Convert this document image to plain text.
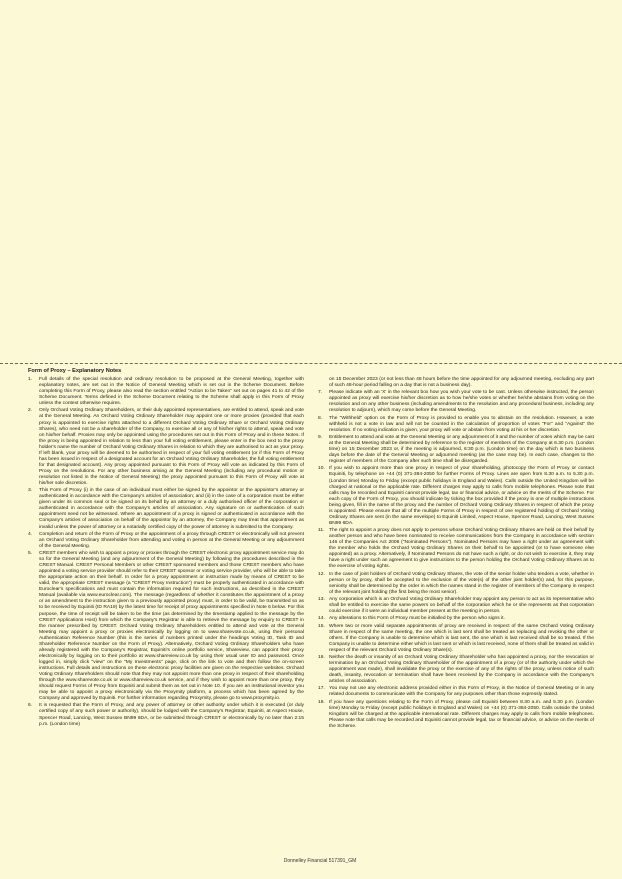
Form of Proxy – Explanatory Notes
1.	Full details of the special resolution and ordinary resolution to be proposed at the General Meeting, together with explanatory notes, are set out in the Notice of General Meeting which is set out in the Scheme Document. Before completing this Form of Proxy, please also read the section entitled "Action to be Taken" set out on pages 41 to 42 of the Scheme Document. Terms defined in the Scheme Document relating to the Scheme shall apply in this Form of Proxy unless the context otherwise requires.
2.	Only Orchard Voting Ordinary Shareholders, or their duly appointed representatives, are entitled to attend, speak and vote at the General Meeting. An Orchard Voting Ordinary Shareholder may appoint one or more proxies (provided that each proxy is appointed to exercise rights attached to a different Orchard Voting Ordinary Share or Orchard Voting Ordinary Shares), who need not be a shareholder of the Company, to exercise all or any of his/her rights to attend, speak and vote on his/her behalf. Proxies may only be appointed using the procedures set out in this Form of Proxy and in these Notes. If the proxy is being appointed in relation to less than your full voting entitlement, please enter in the box next to the proxy holder's name the number of Orchard Voting Ordinary Shares in relation to which they are authorised to act as your proxy. If left blank, your proxy will be deemed to be authorised in respect of your full voting entitlement (or if this Form of Proxy has been issued in respect of a designated account for an Orchard Voting Ordinary Shareholder, the full voting entitlement for that designated account). Any proxy appointed pursuant to this Form of Proxy will vote as indicated by this Form of Proxy on the resolutions. For any other business arising at the General Meeting (including any procedural motion or resolution not listed in the Notice of General Meeting) the proxy appointed pursuant to this Form of Proxy will vote at his/her sole discretion.
3.	This Form of Proxy (i) in the case of an individual must either be signed by the appointor or the appointor's attorney or authenticated in accordance with the Company's articles of association; and (ii) in the case of a corporation must be either given under its common seal or be signed on its behalf by an attorney or a duly authorised officer of the corporation or authenticated in accordance with the Company's articles of association. Any signature on or authentication of such appointment need not be witnessed. Where an appointment of a proxy is signed or authenticated in accordance with the Company's articles of association on behalf of the appointor by an attorney, the Company may treat that appointment as invalid unless the power of attorney or a notarially certified copy of the power of attorney is submitted to the Company.
4.	Completion and return of the Form of Proxy or the appointment of a proxy through CREST or electronically will not prevent an Orchard Voting Ordinary Shareholder from attending and voting in person at the General Meeting or any adjournment of the General Meeting.
5.	CREST members who wish to appoint a proxy or proxies through the CREST electronic proxy appointment service may do so for the General Meeting (and any adjournment of the General Meeting) by following the procedures described in the CREST Manual. CREST Personal Members or other CREST sponsored members and those CREST members who have appointed a voting service provider should refer to their CREST sponsor or voting service provider, who will be able to take the appropriate action on their behalf. In order for a proxy appointment or instruction made by means of CREST to be valid, the appropriate CREST message (a "CREST Proxy Instruction") must be properly authenticated in accordance with Euroclear's specifications and must contain the information required for such instructions, as described in the CREST Manual (available via www.euroclear.com). The message (regardless of whether it constitutes the appointment of a proxy or an amendment to the instruction given to a previously appointed proxy) must, in order to be valid, be transmitted so as to be received by Equiniti (ID RA19) by the latest time for receipt of proxy appointments specified in Note 6 below. For this purpose, the time of receipt will be taken to be the time (as determined by the timestamp applied to the message by the CREST Applications Host) from which the Company's Registrar is able to retrieve the message by enquiry to CREST in the manner prescribed by CREST. Orchard Voting Ordinary Shareholders entitled to attend and vote at the General Meeting may appoint a proxy or proxies electronically by logging on to www.sharevote.co.uk, using their personal Authentication Reference Number (this is the series of numbers printed under the headings Voting ID, Task ID and Shareholder Reference Number on the Form of Proxy). Alternatively, Orchard Voting Ordinary Shareholders who have already registered with the Company's Registrar, Equiniti's online portfolio service, Shareview, can appoint their proxy electronically by logging on to their portfolio at www.shareview.co.uk by using their usual user ID and password. Once logged in, simply click "view" on the "My Investments" page, click on the link to vote and then follow the on-screen instructions. Full details and instructions on these electronic proxy facilities are given on the respective websites. Orchard Voting Ordinary Shareholders should note that they may not appoint more than one proxy in respect of their shareholding through the www.sharevote.co.uk or www.shareview.co.uk service, and if they wish to appoint more than one proxy, they should request Forms of Proxy from Equiniti and submit them as set out in Note 10. If you are an institutional investor you may be able to appoint a proxy electronically via the Proxymity platform, a process which has been agreed by the Company and approved by Equiniti. For further information regarding Proxymity, please go to www.proxymity.io.
6.	It is requested that the Form of Proxy, and any power of attorney or other authority under which it is executed (or duly certified copy of any such power or authority), should be lodged with the Company's Registrar, Equiniti, at Aspect House, Spencer Road, Lancing, West Sussex BN99 6DA, or be submitted through CREST or electronically by no later than 2:15 p.m. (London time)
on 15 December 2023 (or not less than 48 hours before the time appointed for any adjourned meeting, excluding any part of such 48-hour period falling on a day that is not a business day).
7.	Please indicate with an 'X' in the relevant box how you wish your vote to be cast. Unless otherwise instructed, the person appointed as proxy will exercise his/her discretion as to how he/she votes or whether he/she abstains from voting on the resolution and on any other business (including amendments to the resolution and any procedural business, including any resolution to adjourn), which may come before the General Meeting.
8.	The "Withheld" option on the Form of Proxy is provided to enable you to abstain on the resolution. However, a vote withheld is not a vote in law and will not be counted in the calculation of proportion of votes "For" and "Against" the resolution. If no voting indication is given, your proxy will vote or abstain from voting at his or her discretion.
9.	Entitlement to attend and vote at the General Meeting or any adjournment of it and the number of votes which may be cast at the General Meeting shall be determined by reference to the register of members of the Company at 6.30 p.m. (London time) on 15 December 2023 or, if the meeting is adjourned, 6:30 p.m. (London time) on the day which is two business days before the date of the General Meeting or adjourned meeting (as the case may be). In each case, changes to the register of members of the Company after such time shall be disregarded.
10. If you wish to appoint more than one proxy in respect of your shareholding, photocopy the Form of Proxy or contact Equiniti, by telephone on +44 (0) 371-384-2050 for further Forms of Proxy. Lines are open from 8.30 a.m. to 5.30 p.m. (London time) Monday to Friday (except public holidays in England and Wales). Calls outside the United Kingdom will be charged at national or the applicable rate. Different charges may apply to calls from mobile telephones. Please note that calls may be recorded and Equiniti cannot provide legal, tax or financial advice, or advice on the merits of the Scheme. For each copy of the Form of Proxy, you should indicate by ticking the box provided if the proxy is one of multiple instructions being given, fill in the name of the proxy and the number of Orchard Voting Ordinary Shares in respect of which the proxy is appointed. Please ensure that all of the multiple Forms of Proxy in respect of one registered holding of Orchard Voting Ordinary Shares are sent (in the same envelope) to Equiniti Limited, Aspect House, Spencer Road, Lancing, West Sussex BN99 6DA.
11. The right to appoint a proxy does not apply to persons whose Orchard Voting Ordinary Shares are held on their behalf by another person and who have been nominated to receive communications from the Company in accordance with section 146 of the Companies Act 2006 ("Nominated Persons"). Nominated Persons may have a right under an agreement with the member who holds the Orchard Voting Ordinary Shares on their behalf to be appointed (or to have someone else appointed) as a proxy. Alternatively, if Nominated Persons do not have such a right, or do not wish to exercise it, they may have a right under such an agreement to give instructions to the person holding the Orchard Voting Ordinary Shares as to the exercise of voting rights.
12. In the case of joint holders of Orchard Voting Ordinary Shares, the vote of the senior holder who tenders a vote, whether in person or by proxy, shall be accepted to the exclusion of the vote(s) of the other joint holder(s) and, for this purpose, seniority shall be determined by the order in which the names stand in the register of members of the Company in respect of the relevant joint holding (the first being the most senior).
13. Any corporation which is an Orchard Voting Ordinary Shareholder may appoint any person to act as its representative who shall be entitled to exercise the same powers on behalf of the corporation which he or she represents as that corporation could exercise if it were an individual member present at the meeting in person.
14. Any alterations to this Form of Proxy must be initialled by the person who signs it.
15. Where two or more valid separate appointments of proxy are received in respect of the same Orchard Voting Ordinary Share in respect of the same meeting, the one which is last sent shall be treated as replacing and revoking the other or others. If the Company is unable to determine which is last sent, the one which is last received shall be so treated. If the Company is unable to determine either which is last sent or which is last received, none of them shall be treated as valid in respect of the relevant Orchard Voting Ordinary Share(s).
16. Neither the death or insanity of an Orchard Voting Ordinary Shareholder who has appointed a proxy, nor the revocation or termination by an Orchard Voting Ordinary Shareholder of the appointment of a proxy (or of the authority under which the appointment was made), shall invalidate the proxy or the exercise of any of the rights of the proxy, unless notice of such death, insanity, revocation or termination shall have been received by the Company in accordance with the Company's articles of association.
17. You may not use any electronic address provided either in this Form of Proxy, in the Notice of General Meeting or in any related documents to communicate with the Company for any purposes other than those expressly stated.
18. If you have any questions relating to the Form of Proxy, please call Equiniti between 8.30 a.m. and 5.30 p.m. (London time) Monday to Friday (except public holidays in England and Wales) on +44 (0) 371-384-2050. Calls outside the United Kingdom will be charged at the applicable international rate. Different charges may apply to calls from mobile telephones. Please note that calls may be recorded and Equiniti cannot provide legal, tax or financial advice, or advice on the merits of the Scheme.
Donnelley Financial 517391_GM
